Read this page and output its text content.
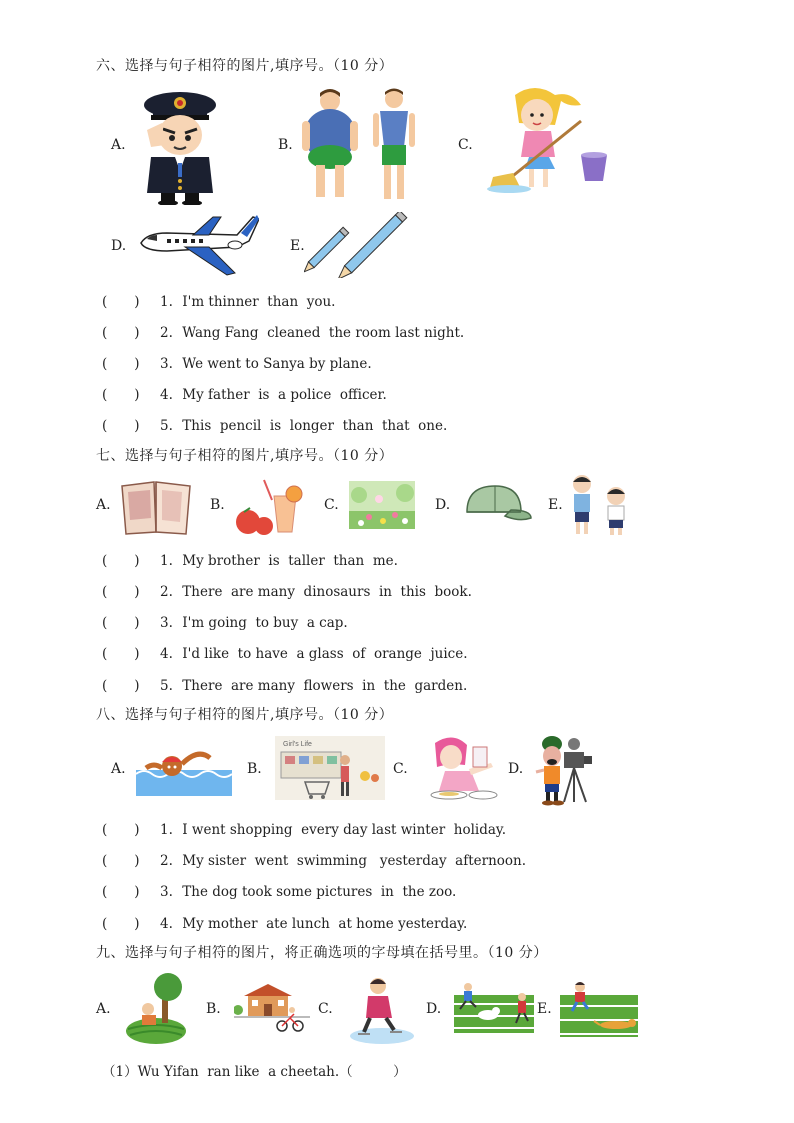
六、选择与句子相符的图片,填序号。（10 分）
A.	B.	C.
D.	E.
(　　) 1. I'm thinner  than  you.
(　　) 2. Wang Fang  cleaned  the room last night.
(　　) 3. We went to Sanya by plane.
(　　) 4. My father  is  a police  officer.
(　　) 5. This  pencil  is  longer  than  that  one.
七、选择与句子相符的图片,填序号。（10 分）
A.	B.	C.	D.	E.
(　　) 1. My brother  is  taller  than  me.
(　　) 2. There  are many  dinosaurs  in  this  book.
(　　) 3. I'm going  to buy  a cap.
(　　) 4. I'd like  to have  a glass  of  orange  juice.
(　　) 5. There  are many  flowers  in  the  garden.
八、选择与句子相符的图片,填序号。（10 分）
A.	B.
Girl's Life
C.	D.
(　　) 1. I went shopping  every day last winter  holiday.
(　　) 2. My sister  went  swimming   yesterday  afternoon.
(　　) 3. The dog took some pictures  in  the zoo.
(　　) 4. My mother  ate lunch  at home yesterday.
九、选择与句子相符的图片，将正确选项的字母填在括号里。（10 分）
A.	B.	C.	D.	E.
（1）Wu Yifan  ran like  a cheetah.（　　　）
